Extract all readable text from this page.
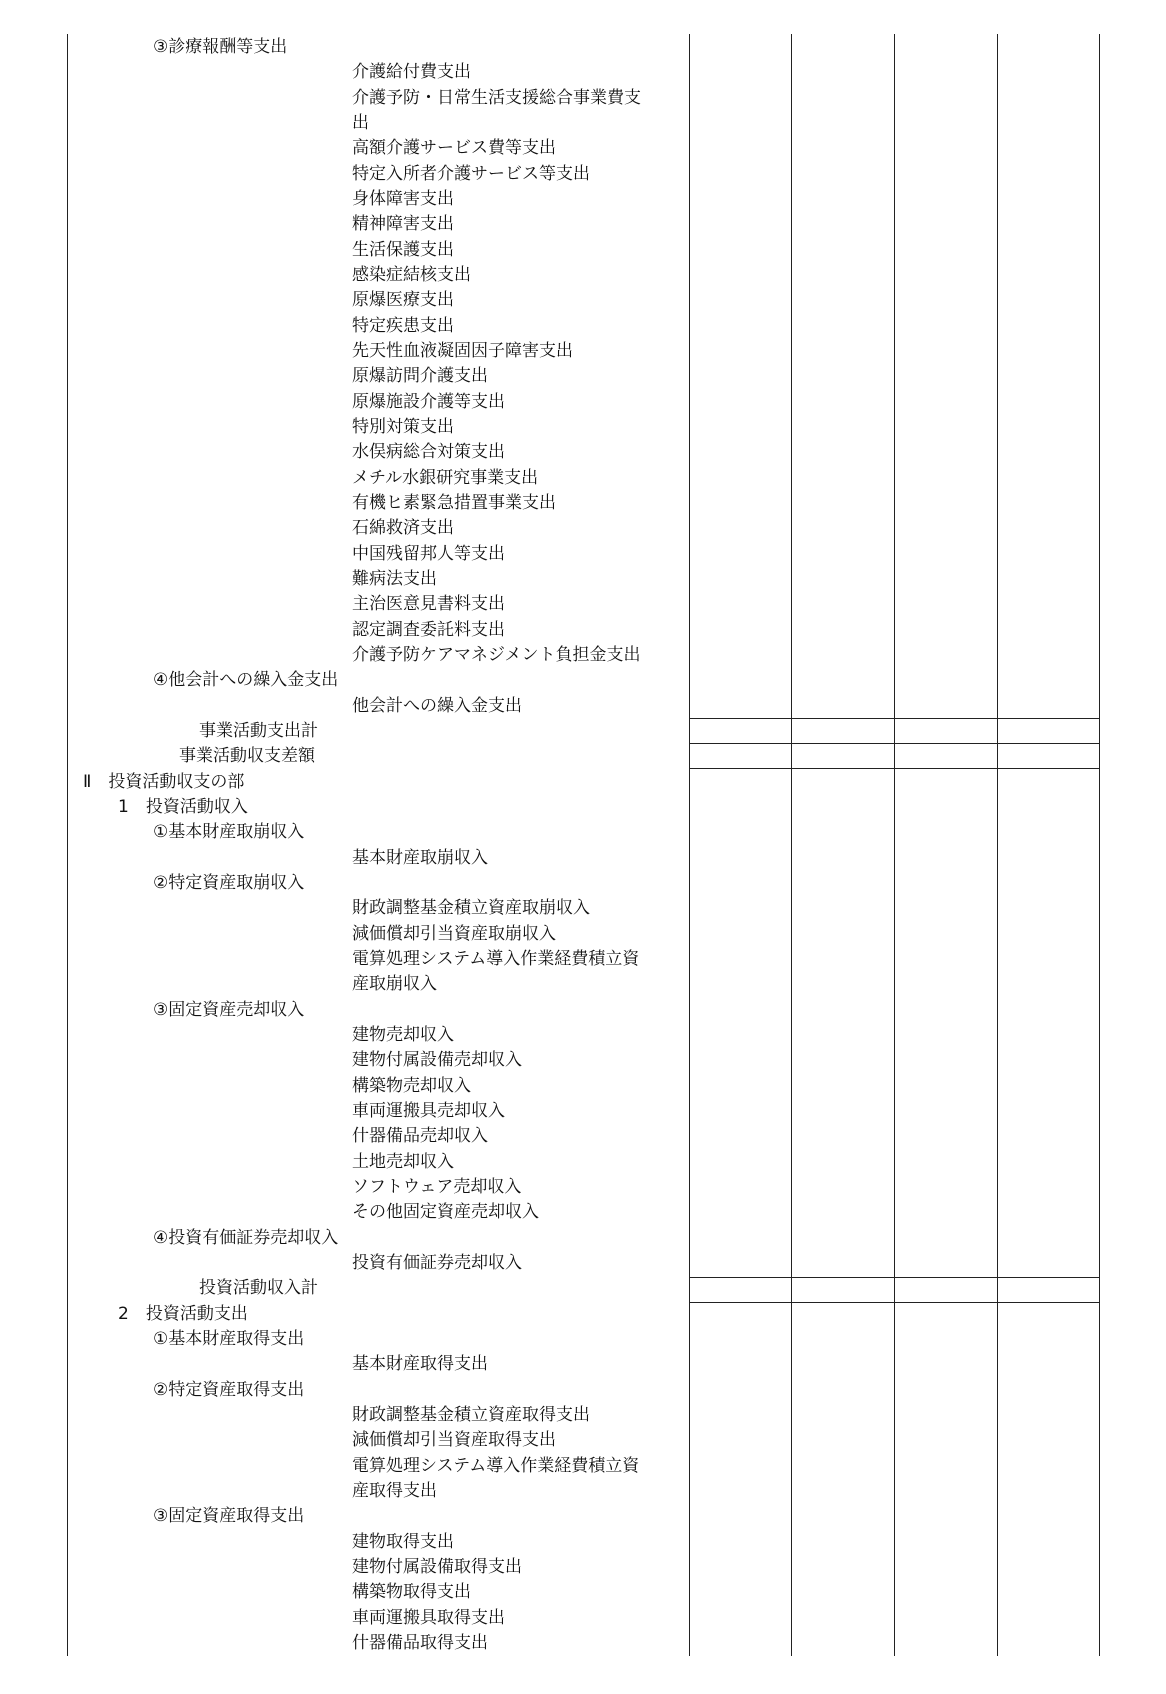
③診療報酬等支出
介護給付費支出
介護予防・日常生活支援総合事業費支
出
高額介護サービス費等支出
特定入所者介護サービス等支出
身体障害支出
精神障害支出
生活保護支出
感染症結核支出
原爆医療支出
特定疾患支出
先天性血液凝固因子障害支出
原爆訪問介護支出
原爆施設介護等支出
特別対策支出
水俣病総合対策支出
メチル水銀研究事業支出
有機ヒ素緊急措置事業支出
石綿救済支出
中国残留邦人等支出
難病法支出
主治医意見書料支出
認定調査委託料支出
介護予防ケアマネジメント負担金支出
④他会計への繰入金支出
他会計への繰入金支出
事業活動支出計
事業活動収支差額
Ⅱ　投資活動収支の部
1　投資活動収入
①基本財産取崩収入
基本財産取崩収入
②特定資産取崩収入
財政調整基金積立資産取崩収入
減価償却引当資産取崩収入
電算処理システム導入作業経費積立資
産取崩収入
③固定資産売却収入
建物売却収入
建物付属設備売却収入
構築物売却収入
車両運搬具売却収入
什器備品売却収入
土地売却収入
ソフトウェア売却収入
その他固定資産売却収入
④投資有価証券売却収入
投資有価証券売却収入
投資活動収入計
2　投資活動支出
①基本財産取得支出
基本財産取得支出
②特定資産取得支出
財政調整基金積立資産取得支出
減価償却引当資産取得支出
電算処理システム導入作業経費積立資
産取得支出
③固定資産取得支出
建物取得支出
建物付属設備取得支出
構築物取得支出
車両運搬具取得支出
什器備品取得支出
